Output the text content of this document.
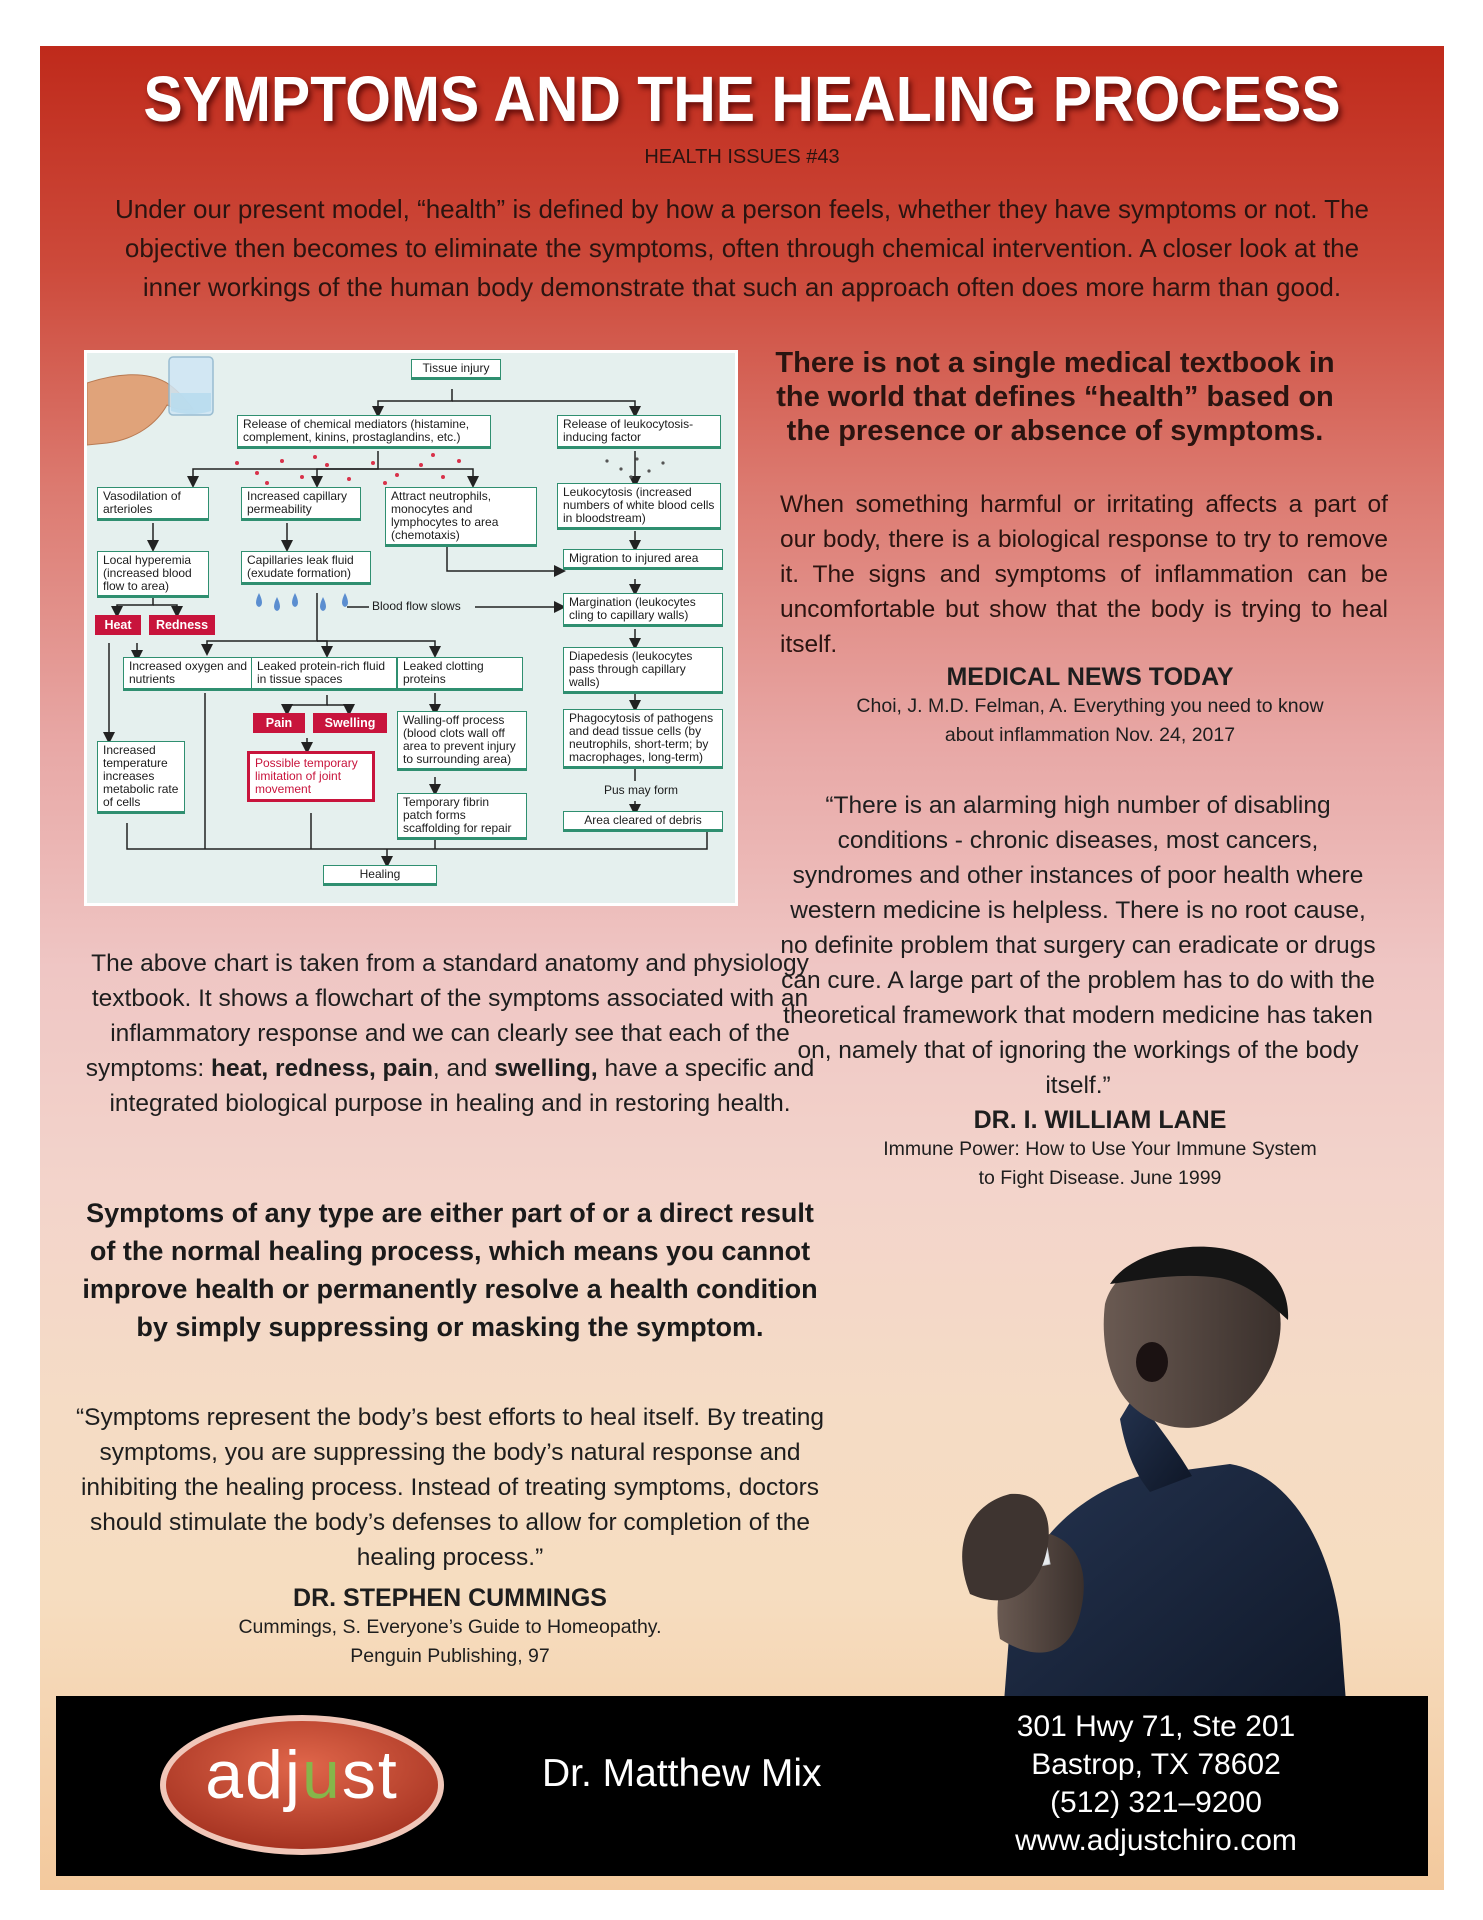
SYMPTOMS AND THE HEALING PROCESS
HEALTH ISSUES #43
Under our present model, “health” is defined by how a person feels, whether they have symptoms or not. The objective then becomes to eliminate the symptoms, often through chemical intervention. A closer look at the inner workings of the human body demonstrate that such an approach often does more harm than good.
Tissue injury
Release of chemical mediators (histamine, complement, kinins, prostaglandins, etc.)
Release of leukocytosis-inducing factor
Vasodilation of arterioles
Increased capillary permeability
Attract neutrophils, monocytes and lymphocytes to area (chemotaxis)
Leukocytosis (increased numbers of white blood cells in bloodstream)
Local hyperemia (increased blood flow to area)
Capillaries leak fluid (exudate formation)
Migration to injured area
Blood flow slows	Margination (leukocytes cling to capillary walls)
Heat	Redness
Increased oxygen and nutrients
Leaked protein-rich fluid in tissue spaces
Leaked clotting proteins
Diapedesis (leukocytes pass through capillary walls)
Pain	Swelling	Walling-off process (blood clots wall off area to prevent injury to surrounding area)
Phagocytosis of pathogens and dead tissue cells (by neutrophils, short-term; by macrophages, long-term)
Increased temperature increases metabolic rate of cells
Possible temporary limitation of joint movement	Pus may form
Temporary fibrin patch forms scaffolding for repair
Area cleared of debris
Healing
There is not a single medical textbook in the world that defines “health” based on the presence or absence of symptoms.
When something harmful or irritating affects a part of our body, there is a biological response to try to remove it. The signs and symptoms of inflammation can be uncomfortable but show that the body is trying to heal itself.
MEDICAL NEWS TODAY
Choi, J. M.D. Felman, A. Everything you need to know
about inflammation Nov. 24, 2017
“There is an alarming high number of disabling conditions - chronic diseases, most cancers, syndromes and other instances of poor health where western medicine is helpless. There is no root cause, no definite problem that surgery can eradicate or drugs can cure. A large part of the problem has to do with the theoretical framework that modern medicine has taken on, namely that of ignoring the workings of the body itself.”
DR. I. WILLIAM LANE
Immune Power: How to Use Your Immune System
to Fight Disease. June 1999
The above chart is taken from a standard anatomy and physiology textbook. It shows a flowchart of the symptoms associated with an inflammatory response and we can clearly see that each of the symptoms: heat, redness, pain, and swelling, have a specific and integrated biological purpose in healing and in restoring health.
Symptoms of any type are either part of or a direct result of the normal healing process, which means you cannot improve health or permanently resolve a health condition by simply suppressing or masking the symptom.
“Symptoms represent the body’s best efforts to heal itself. By treating symptoms, you are suppressing the body’s natural response and inhibiting the healing process. Instead of treating symptoms, doctors should stimulate the body’s defenses to allow for completion of the healing process.”
DR. STEPHEN CUMMINGS
Cummings, S. Everyone’s Guide to Homeopathy.
Penguin Publishing, 97
adjust	Dr. Matthew Mix
301 Hwy 71, Ste 201
Bastrop, TX 78602
(512) 321–9200
www.adjustchiro.com
